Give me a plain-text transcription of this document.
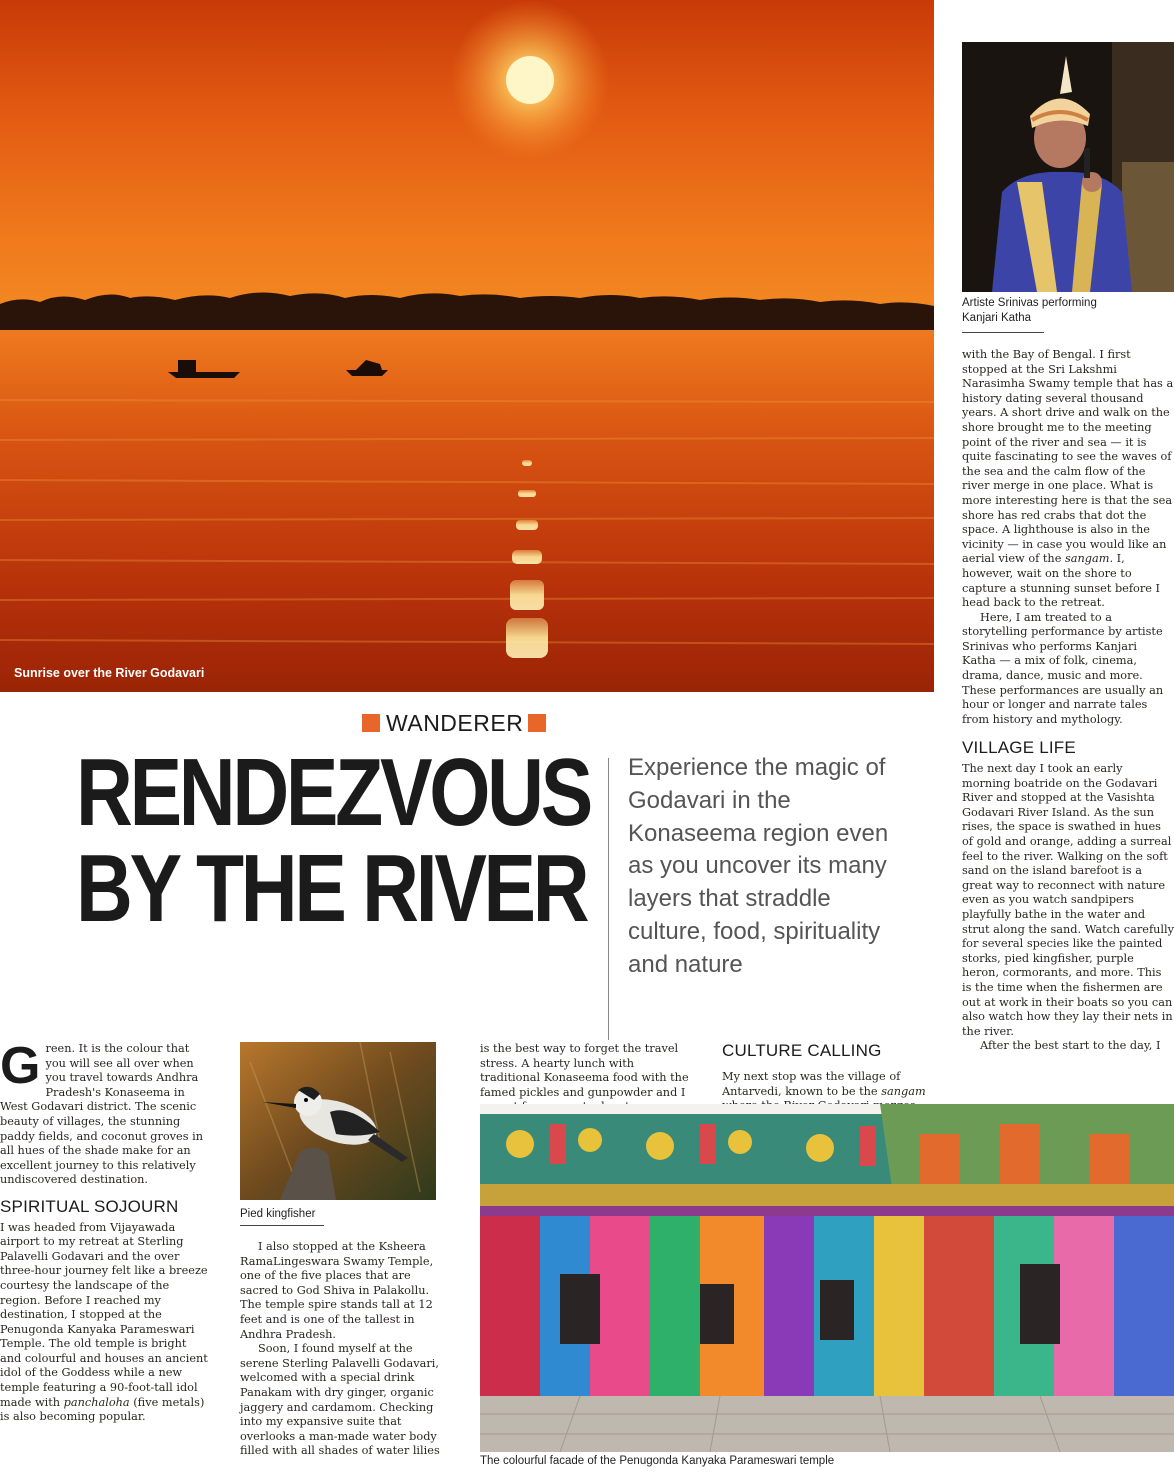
Sunrise over the River Godavari
Artiste Srinivas performing
Kanjari Katha

with the Bay of Bengal. I first stopped at the Sri Lakshmi Narasimha Swamy temple that has a history dating several thousand years. A short drive and walk on the shore brought me to the meeting point of the river and sea — it is quite fascinating to see the waves of the sea and the calm flow of the river merge in one place. What is more interesting here is that the sea shore has red crabs that dot the space. A lighthouse is also in the vicinity — in case you would like an aerial view of the sangam. I, however, wait on the shore to capture a stunning sunset before I head back to the retreat.

Here, I am treated to a storytelling performance by artiste Srinivas who performs Kanjari Katha — a mix of folk, cinema, drama, dance, music and more. These performances are usually an hour or longer and narrate tales from history and mythology.

VILLAGE LIFE

The next day I took an early morning boatride on the Godavari River and stopped at the Vasishta Godavari River Island. As the sun rises, the space is swathed in hues of gold and orange, adding a surreal feel to the river. Walking on the soft sand on the island barefoot is a great way to reconnect with nature even as you watch sandpipers playfully bathe in the water and strut along the sand. Watch carefully for several species like the painted storks, pied kingfisher, purple heron, cormorants, and more. This is the time when the fishermen are out at work in their boats so you can also watch how they lay their nets in the river.

After the best start to the day, I

WANDERER
RENDEZVOUS
BY THE RIVER
Experience the magic of Godavari in the Konaseema region even as you uncover its many layers that straddle culture, food, spirituality and nature

Green. It is the colour that you will see all over when you travel towards Andhra Pradesh's Konaseema in West Godavari district. The scenic beauty of villages, the stunning paddy fields, and coconut groves in all hues of the shade make for an excellent journey to this relatively undiscovered destination.

SPIRITUAL SOJOURN

I was headed from Vijayawada airport to my retreat at Sterling Palavelli Godavari and the over three-hour journey felt like a breeze courtesy the landscape of the region. Before I reached my destination, I stopped at the Penugonda Kanyaka Parameswari Temple. The old temple is bright and colourful and houses an ancient idol of the Goddess while a new temple featuring a 90-foot-tall idol made with panchaloha (five metals) is also becoming popular.

Pied kingfisher

I also stopped at the Ksheera RamaLingeswara Swamy Temple, one of the five places that are sacred to God Shiva in Palakollu. The temple spire stands tall at 12 feet and is one of the tallest in Andhra Pradesh.

Soon, I found myself at the serene Sterling Palavelli Godavari, welcomed with a special drink Panakam with dry ginger, organic jaggery and cardamom. Checking into my expansive suite that overlooks a man-made water body filled with all shades of water lilies

is the best way to forget the travel stress. A hearty lunch with traditional Konaseema food with the famed pickles and gunpowder and I

CULTURE CALLING

My next stop was the village of Antarvedi, known to be the sangam

The colourful facade of the Penugonda Kanyaka Parameswari temple
